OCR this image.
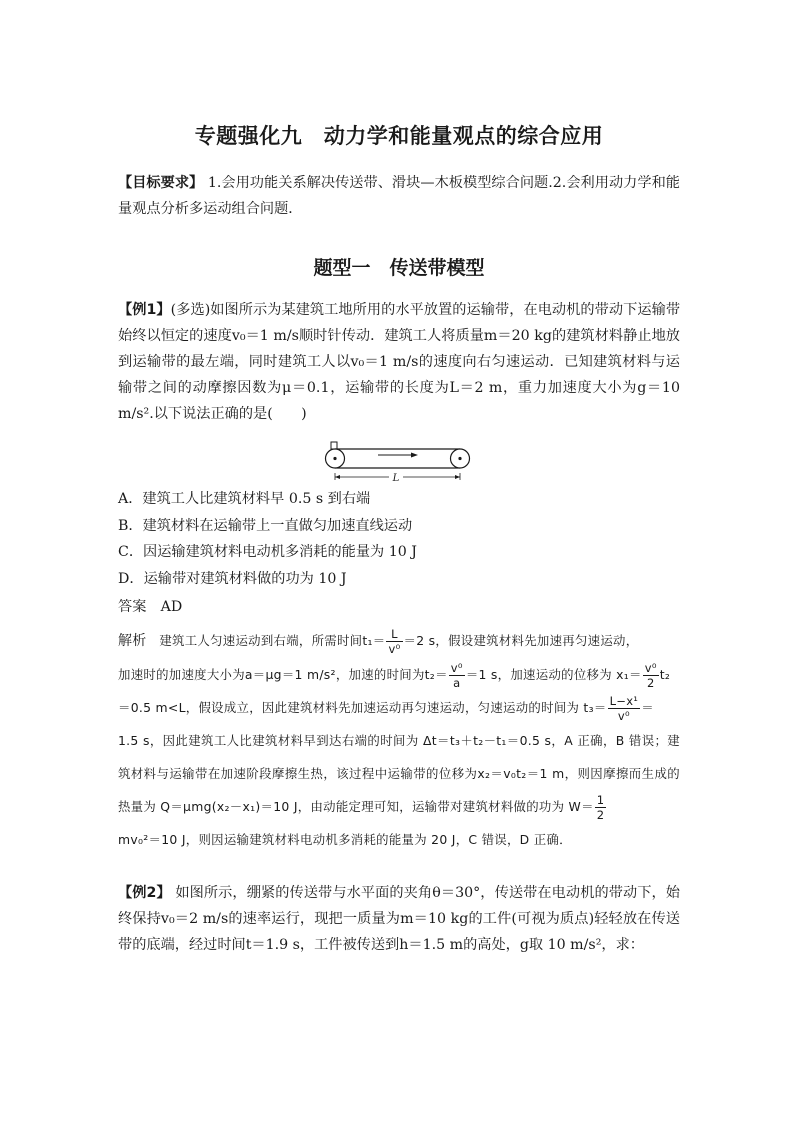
专题强化九　动力学和能量观点的综合应用

【目标要求】 1.会用功能关系解决传送带、滑块—木板模型综合问题.2.会利用动力学和能量观点分析多运动组合问题．

题型一　传送带模型

【例1】(多选)如图所示为某建筑工地所用的水平放置的运输带，在电动机的带动下运输带始终以恒定的速度v₀＝1 m/s顺时针传动．建筑工人将质量m＝20 kg的建筑材料静止地放到运输带的最左端，同时建筑工人以v₀＝1 m/s的速度向右匀速运动．已知建筑材料与运输带之间的动摩擦因数为μ＝0.1，运输带的长度为L＝2 m，重力加速度大小为g＝10 m/s².以下说法正确的是(　　)

L
A．建筑工人比建筑材料早 0.5 s 到右端
B．建筑材料在运输带上一直做匀加速直线运动
C．因运输建筑材料电动机多消耗的能量为 10 J
D．运输带对建筑材料做的功为 10 J
答案　 AD
解析　 建筑工人匀速运动到右端，所需时间$t_1= \frac{L}{\text{v⁰}} =2$ s，假设建筑材料先加速再匀速运动，
加速时的加速度大小为a＝μg＝1 m/s²，加速的时间为$t_2= \frac{\text{v⁰}}{a} =1$ s，加速运动的位移为 $x_1= \frac{\text{v⁰}}{2} t_2$
＝0.5 m<L，假设成立，因此建筑材料先加速运动再匀速运动，匀速运动的时间为 $t_3= \frac{\text{L−x¹}}{\text{v⁰}}$ ＝
1.5 s，因此建筑工人比建筑材料早到达右端的时间为 Δt＝t₃＋t₂－t₁＝0.5 s，A 正确，B 错误；建筑材料与运输带在加速阶段摩擦生热，该过程中运输带的位移为x₂＝v₀t₂＝1 m，则因摩擦而生成的热量为 Q＝μmg(x₂－x₁)＝10 J，由动能定理可知，运输带对建筑材料做的功为 $W= \frac{1}{2}$

mv₀²＝10 J，则因运输建筑材料电动机多消耗的能量为 20 J，C 错误，D 正确．

【例2】 如图所示，绷紧的传送带与水平面的夹角θ＝30°，传送带在电动机的带动下，始终保持v₀＝2 m/s的速率运行，现把一质量为m＝10 kg的工件(可视为质点)轻轻放在传送带的底端，经过时间t＝1.9 s，工件被传送到h＝1.5 m的高处，g取 10 m/s²，求：
